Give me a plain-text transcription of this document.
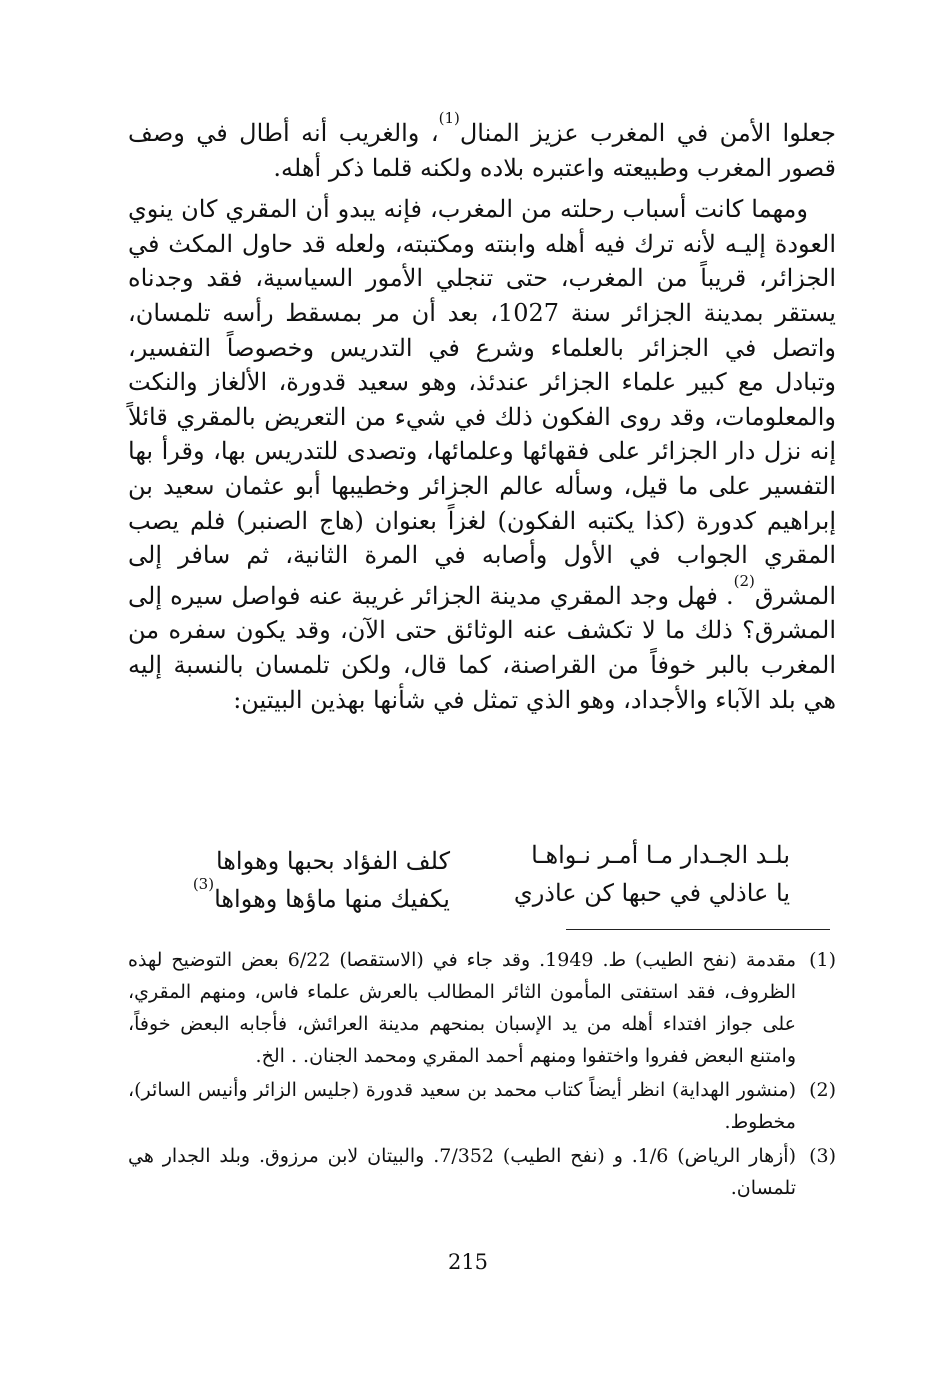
جعلوا الأمن في المغرب عزيز المنال$^{(1)}$، والغريب أنه أطال في وصف قصور المغرب وطبيعته واعتبره بلاده ولكنه قلما ذكر أهله.

ومهما كانت أسباب رحلته من المغرب، فإنه يبدو أن المقري كان ينوي العودة إليـه لأنه ترك فيه أهله وابنته ومكتبته، ولعله قد حاول المكث في الجزائر، قريباً من المغرب، حتى تنجلي الأمور السياسية، فقد وجدناه يستقر بمدينة الجزائر سنة 1027، بعد أن مر بمسقط رأسه تلمسان، واتصل في الجزائر بالعلماء وشرع في التدريس وخصوصاً التفسير، وتبادل مع كبير علماء الجزائر عندئذ، وهو سعيد قدورة، الألغاز والنكت والمعلومات، وقد روى الفكون ذلك في شيء من التعريض بالمقري قائلاً إنه نزل دار الجزائر على فقهائها وعلمائها، وتصدى للتدريس بها، وقرأ بها التفسير على ما قيل، وسأله عالم الجزائر وخطيبها أبو عثمان سعيد بن إبراهيم كدورة (كذا يكتبه الفكون) لغزاً بعنوان (هاج الصنبر) فلم يصب المقري الجواب في الأول وأصابه في المرة الثانية، ثم سافر إلى المشرق$^{(2)}$. فهل وجد المقري مدينة الجزائر غريبة عنه فواصل سيره إلى المشرق؟ ذلك ما لا تكشف عنه الوثائق حتى الآن، وقد يكون سفره من المغرب بالبر خوفاً من القراصنة، كما قال، ولكن تلمسان بالنسبة إليه هي بلد الآباء والأجداد، وهو الذي تمثل في شأنها بهذين البيتين:

بلـد الجـدار مـا أمـر نـواهـا
كلف الفؤاد بحبها وهواها
يا عاذلي في حبها كن عاذري
يكفيك منها ماؤها وهواها$^{(3)}$
(1)
مقدمة (نفح الطيب) ط. 1949. وقد جاء في (الاستقصا) 6/22 بعض التوضيح لهذه الظروف، فقد استفتى المأمون الثائر المطالب بالعرش علماء فاس، ومنهم المقري، على جواز افتداء أهله من يد الإسبان بمنحهم مدينة العرائش، فأجابه البعض خوفاً، وامتنع البعض ففروا واختفوا ومنهم أحمد المقري ومحمد الجنان. . الخ.
(2)
(منشور الهداية) انظر أيضاً كتاب محمد بن سعيد قدورة (جليس الزائر وأنيس السائر)، مخطوط.
(3)
(أزهار الرياض) 1/6. و (نفح الطيب) 7/352. والبيتان لابن مرزوق. وبلد الجدار هي تلمسان.
215
